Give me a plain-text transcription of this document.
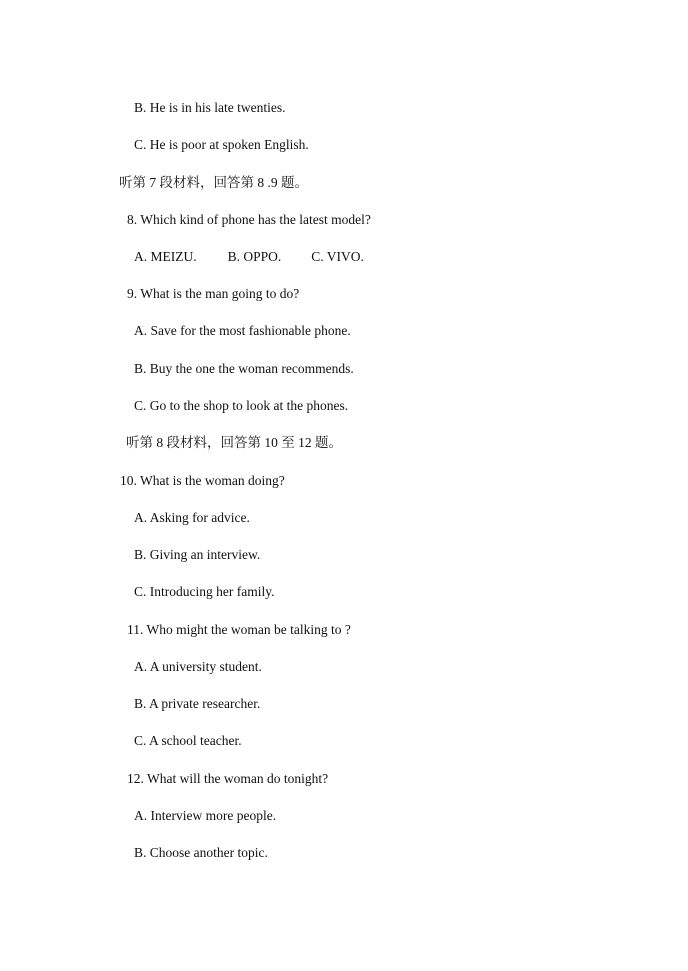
B. He is in his late twenties.
C. He is poor at spoken English.
听第 7 段材料，回答第 8 .9 题。
8. Which kind of phone has the latest model?
A. MEIZU. B. OPPO. C. VIVO.
9. What is the man going to do?
A. Save for the most fashionable phone.
B. Buy the one the woman recommends.
C. Go to the shop to look at the phones.
听第 8 段材料，回答第 10 至 12 题。
10. What is the woman doing?
A. Asking for advice.
B. Giving an interview.
C. Introducing her family.
11. Who might the woman be talking to ?
A. A university student.
B. A private researcher.
C. A school teacher.
12. What will the woman do tonight?
A. Interview more people.
B. Choose another topic.
